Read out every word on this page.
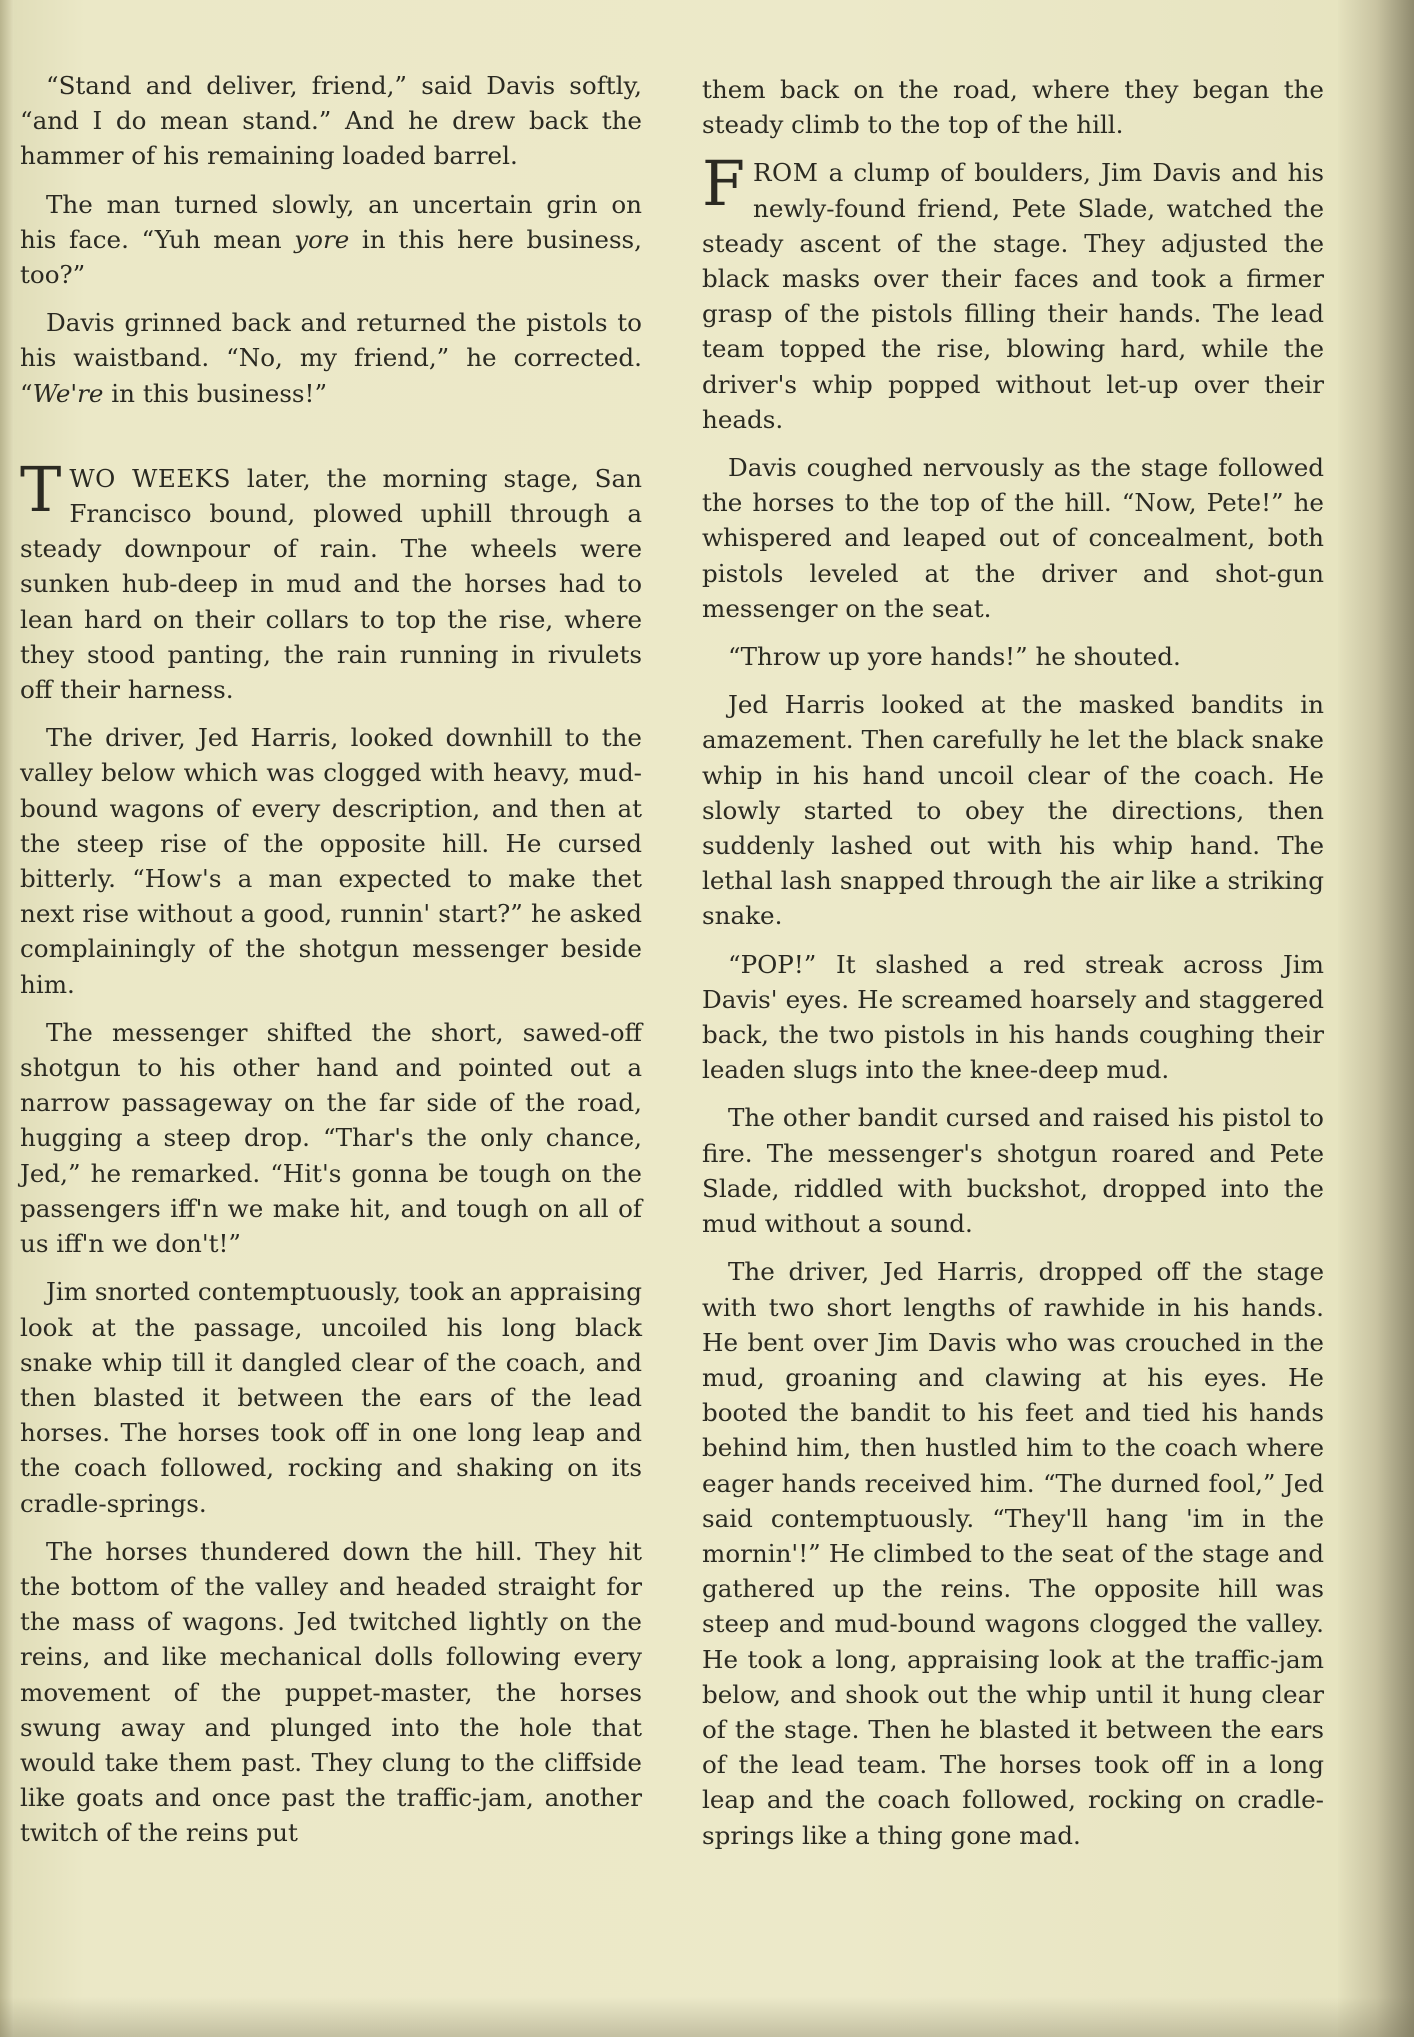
“Stand and deliver, friend,” said Davis softly, “and I do mean stand.” And he drew back the hammer of his remaining loaded barrel.

The man turned slowly, an uncertain grin on his face. “Yuh mean yore in this here business, too?”

Davis grinned back and returned the pistols to his waistband. “No, my friend,” he corrected. “We're in this business!”

TWO WEEKS later, the morning stage, San Francisco bound, plowed uphill through a steady downpour of rain. The wheels were sunken hub-deep in mud and the horses had to lean hard on their collars to top the rise, where they stood panting, the rain running in rivulets off their harness.

The driver, Jed Harris, looked downhill to the valley below which was clogged with heavy, mud-bound wagons of every description, and then at the steep rise of the opposite hill. He cursed bitterly. “How's a man expected to make thet next rise without a good, runnin' start?” he asked complainingly of the shotgun messenger beside him.

The messenger shifted the short, sawed-off shotgun to his other hand and pointed out a narrow passageway on the far side of the road, hugging a steep drop. “Thar's the only chance, Jed,” he remarked. “Hit's gonna be tough on the passengers iff'n we make hit, and tough on all of us iff'n we don't!”

Jim snorted contemptuously, took an appraising look at the passage, uncoiled his long black snake whip till it dangled clear of the coach, and then blasted it between the ears of the lead horses. The horses took off in one long leap and the coach followed, rocking and shaking on its cradle-springs.

The horses thundered down the hill. They hit the bottom of the valley and headed straight for the mass of wagons. Jed twitched lightly on the reins, and like mechanical dolls following every movement of the puppet-master, the horses swung away and plunged into the hole that would take them past. They clung to the cliffside like goats and once past the traffic-jam, another twitch of the reins put

them back on the road, where they began the steady climb to the top of the hill.

FROM a clump of boulders, Jim Davis and his newly-found friend, Pete Slade, watched the steady ascent of the stage. They adjusted the black masks over their faces and took a firmer grasp of the pistols filling their hands. The lead team topped the rise, blowing hard, while the driver's whip popped without let-up over their heads.

Davis coughed nervously as the stage followed the horses to the top of the hill. “Now, Pete!” he whispered and leaped out of concealment, both pistols leveled at the driver and shot-gun messenger on the seat.

“Throw up yore hands!” he shouted.

Jed Harris looked at the masked bandits in amazement. Then carefully he let the black snake whip in his hand uncoil clear of the coach. He slowly started to obey the directions, then suddenly lashed out with his whip hand. The lethal lash snapped through the air like a striking snake.

“POP!” It slashed a red streak across Jim Davis' eyes. He screamed hoarsely and staggered back, the two pistols in his hands coughing their leaden slugs into the knee-deep mud.

The other bandit cursed and raised his pistol to fire. The messenger's shotgun roared and Pete Slade, riddled with buckshot, dropped into the mud without a sound.

The driver, Jed Harris, dropped off the stage with two short lengths of rawhide in his hands. He bent over Jim Davis who was crouched in the mud, groaning and clawing at his eyes. He booted the bandit to his feet and tied his hands behind him, then hustled him to the coach where eager hands received him. “The durned fool,” Jed said contemptuously. “They'll hang 'im in the mornin'!” He climbed to the seat of the stage and gathered up the reins. The opposite hill was steep and mud-bound wagons clogged the valley. He took a long, appraising look at the traffic-jam below, and shook out the whip until it hung clear of the stage. Then he blasted it between the ears of the lead team. The horses took off in a long leap and the coach followed, rocking on cradle-springs like a thing gone mad.
